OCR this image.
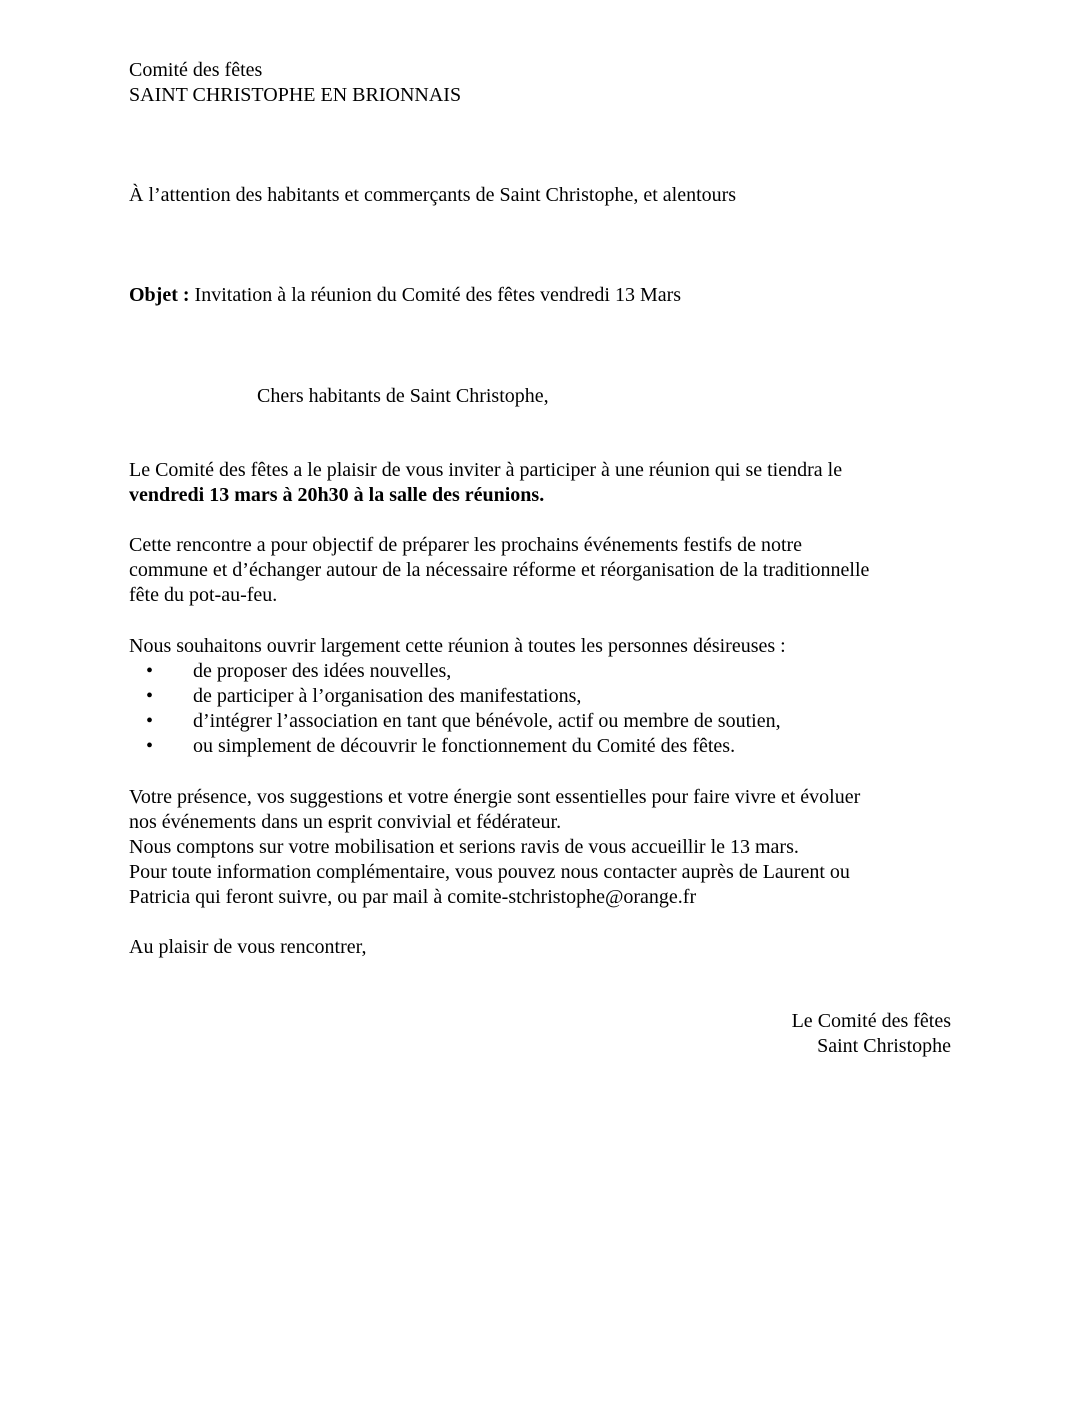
Comité des fêtes
SAINT CHRISTOPHE EN BRIONNAIS
À l’attention des habitants et commerçants de Saint Christophe, et alentours
Objet : Invitation à la réunion du Comité des fêtes vendredi 13 Mars
Chers habitants de Saint Christophe,
Le Comité des fêtes a le plaisir de vous inviter à participer à une réunion qui se tiendra le
vendredi 13 mars à 20h30 à la salle des réunions.
Cette rencontre a pour objectif de préparer les prochains événements festifs de notre
commune et d’échanger autour de la nécessaire réforme et réorganisation de la traditionnelle
fête du pot-au-feu.
Nous souhaitons ouvrir largement cette réunion à toutes les personnes désireuses :
• de proposer des idées nouvelles,
• de participer à l’organisation des manifestations,
• d’intégrer l’association en tant que bénévole, actif ou membre de soutien,
• ou simplement de découvrir le fonctionnement du Comité des fêtes.
Votre présence, vos suggestions et votre énergie sont essentielles pour faire vivre et évoluer
nos événements dans un esprit convivial et fédérateur.
Nous comptons sur votre mobilisation et serions ravis de vous accueillir le 13 mars.
Pour toute information complémentaire, vous pouvez nous contacter auprès de Laurent ou
Patricia qui feront suivre, ou par mail à comite-stchristophe@orange.fr
Au plaisir de vous rencontrer,
Le Comité des fêtes
Saint Christophe
